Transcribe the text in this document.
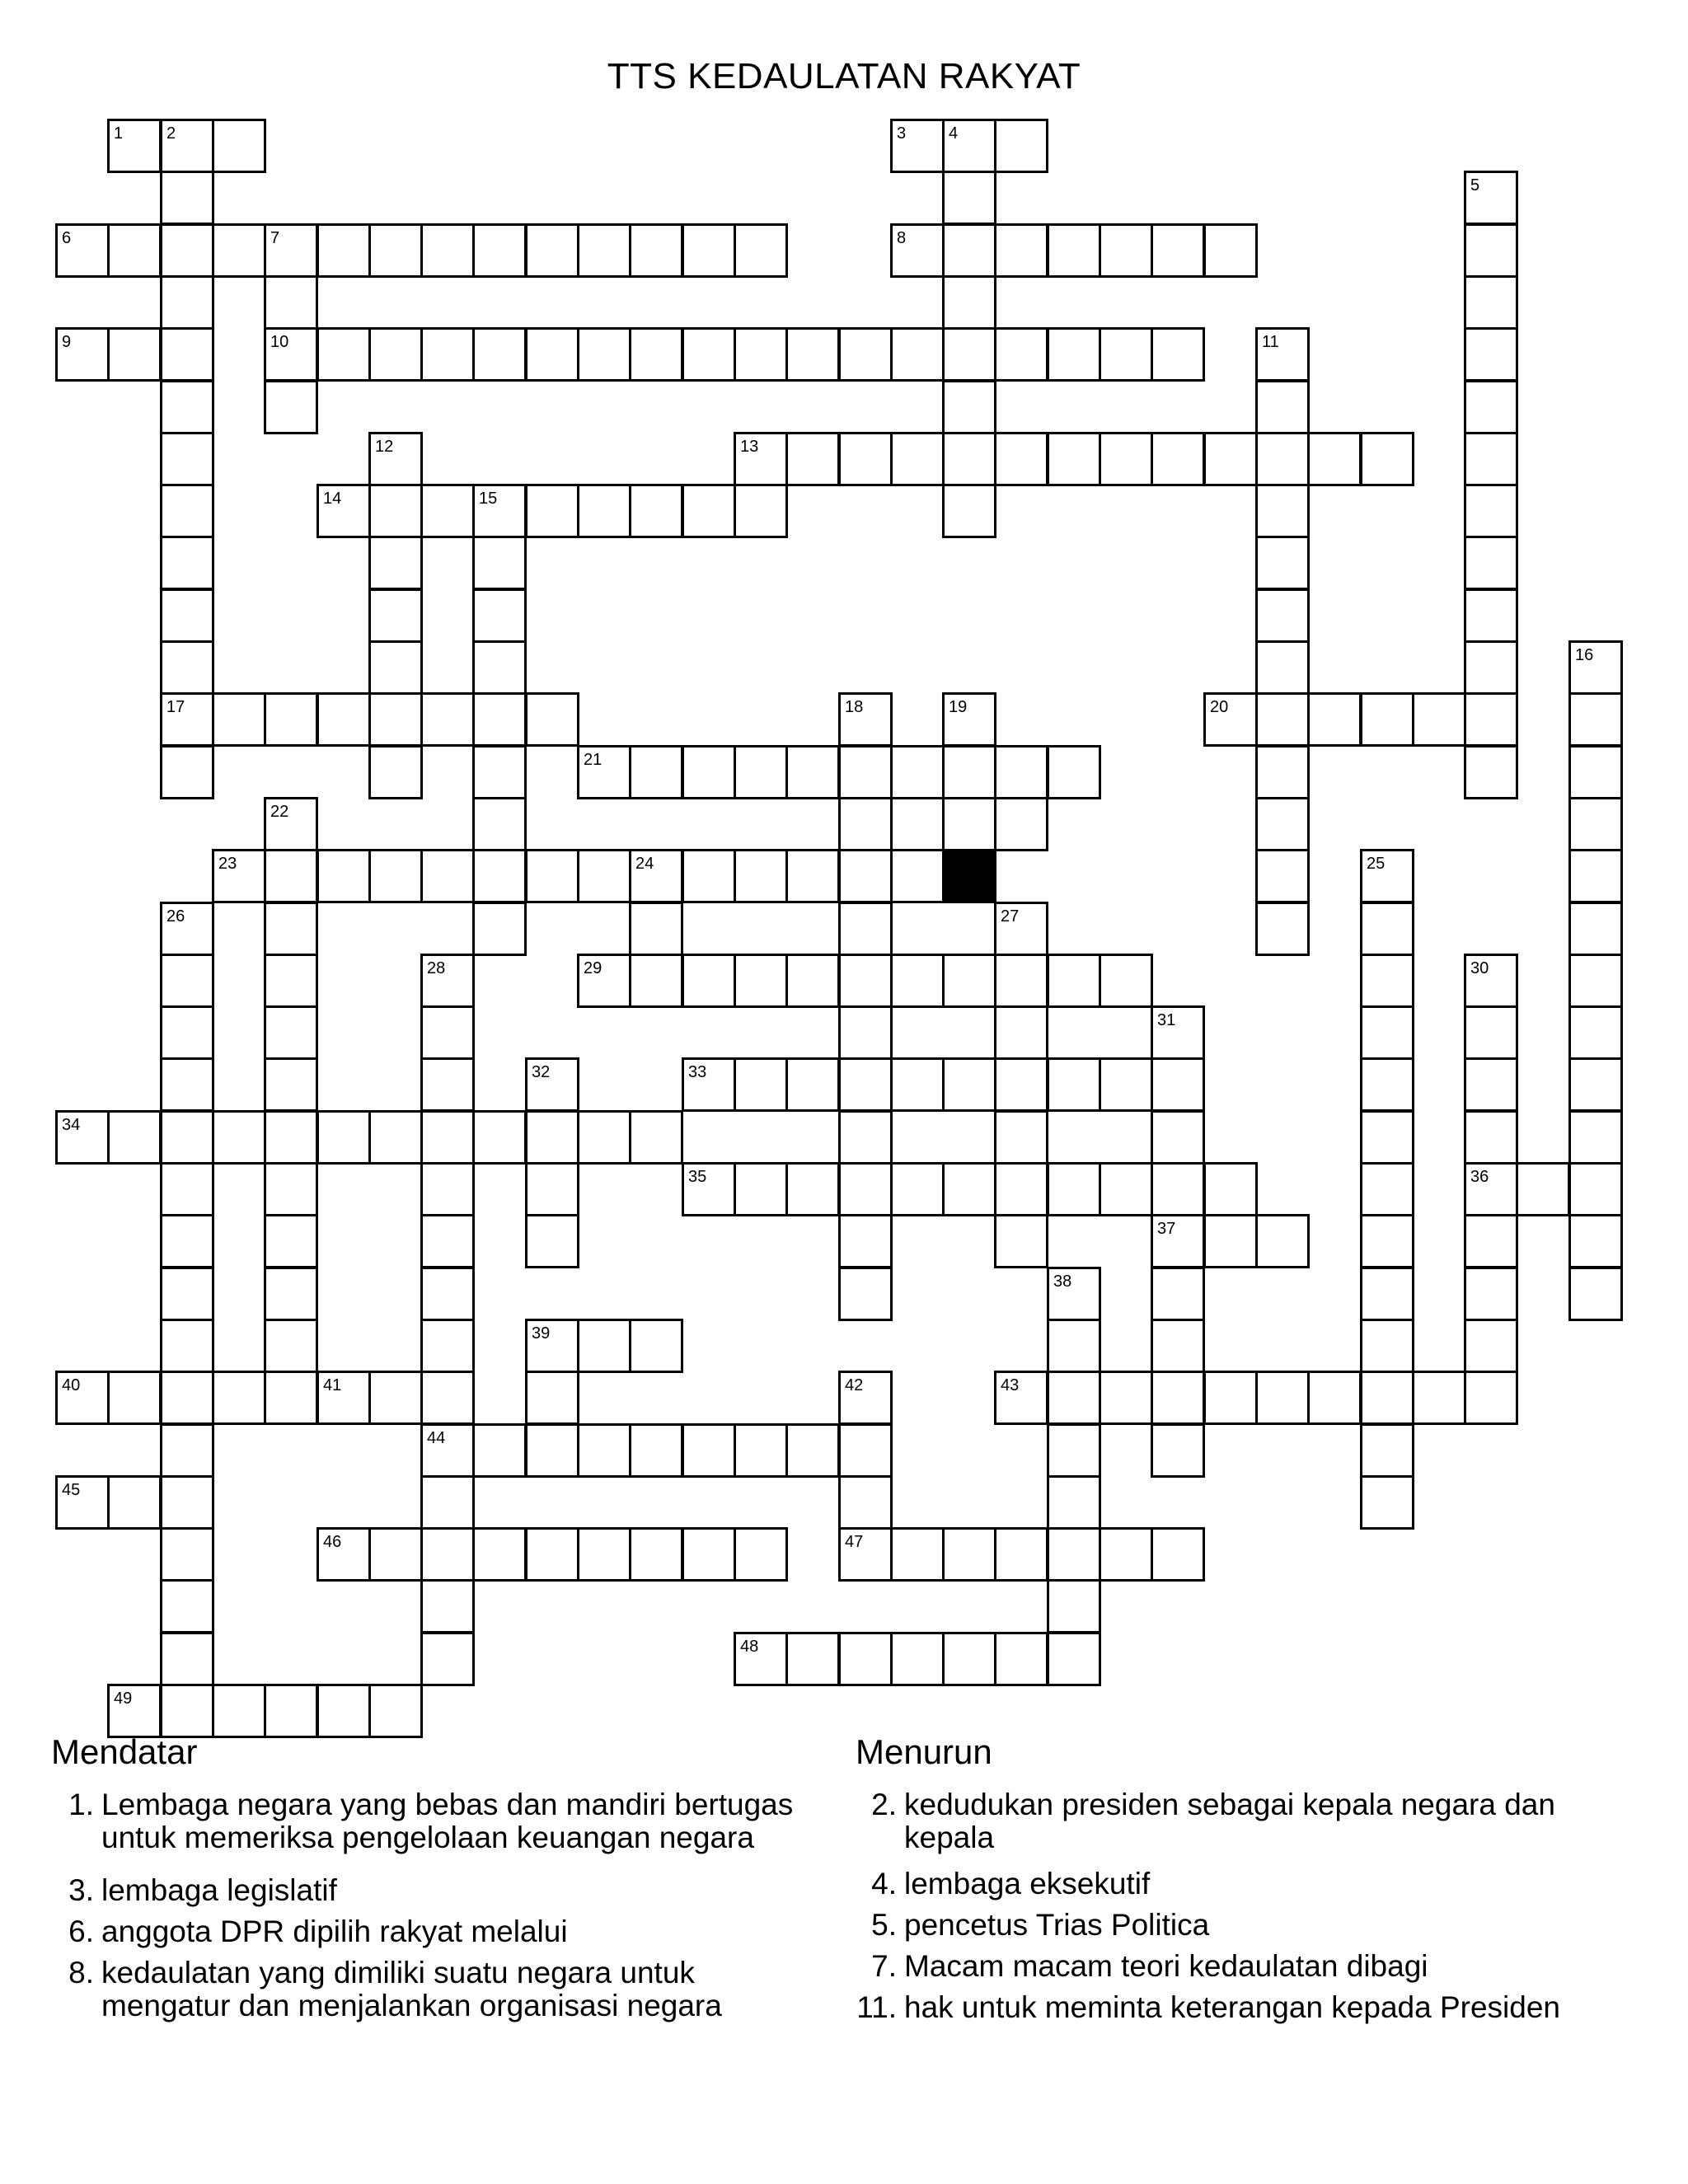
TTS KEDAULATAN RAKYAT
1	2	3	4
5
6	7	8
9	10	11
12	13
14	15
16
17	18	19	20
21
22
23	24	25
26	27
28	29	30
31
32	33
34
35	36
37
38
39
40	41	42	43
44
45
46	47
48
49
Mendatar
1. Lembaga negara yang bebas dan mandiri bertugas untuk memeriksa pengelolaan keuangan negara
3. lembaga legislatif
6. anggota DPR dipilih rakyat melalui
8. kedaulatan yang dimiliki suatu negara untuk mengatur dan menjalankan organisasi negara
Menurun
2. kedudukan presiden sebagai kepala negara dan kepala
4. lembaga eksekutif
5. pencetus Trias Politica
7. Macam macam teori kedaulatan dibagi
11. hak untuk meminta keterangan kepada Presiden
